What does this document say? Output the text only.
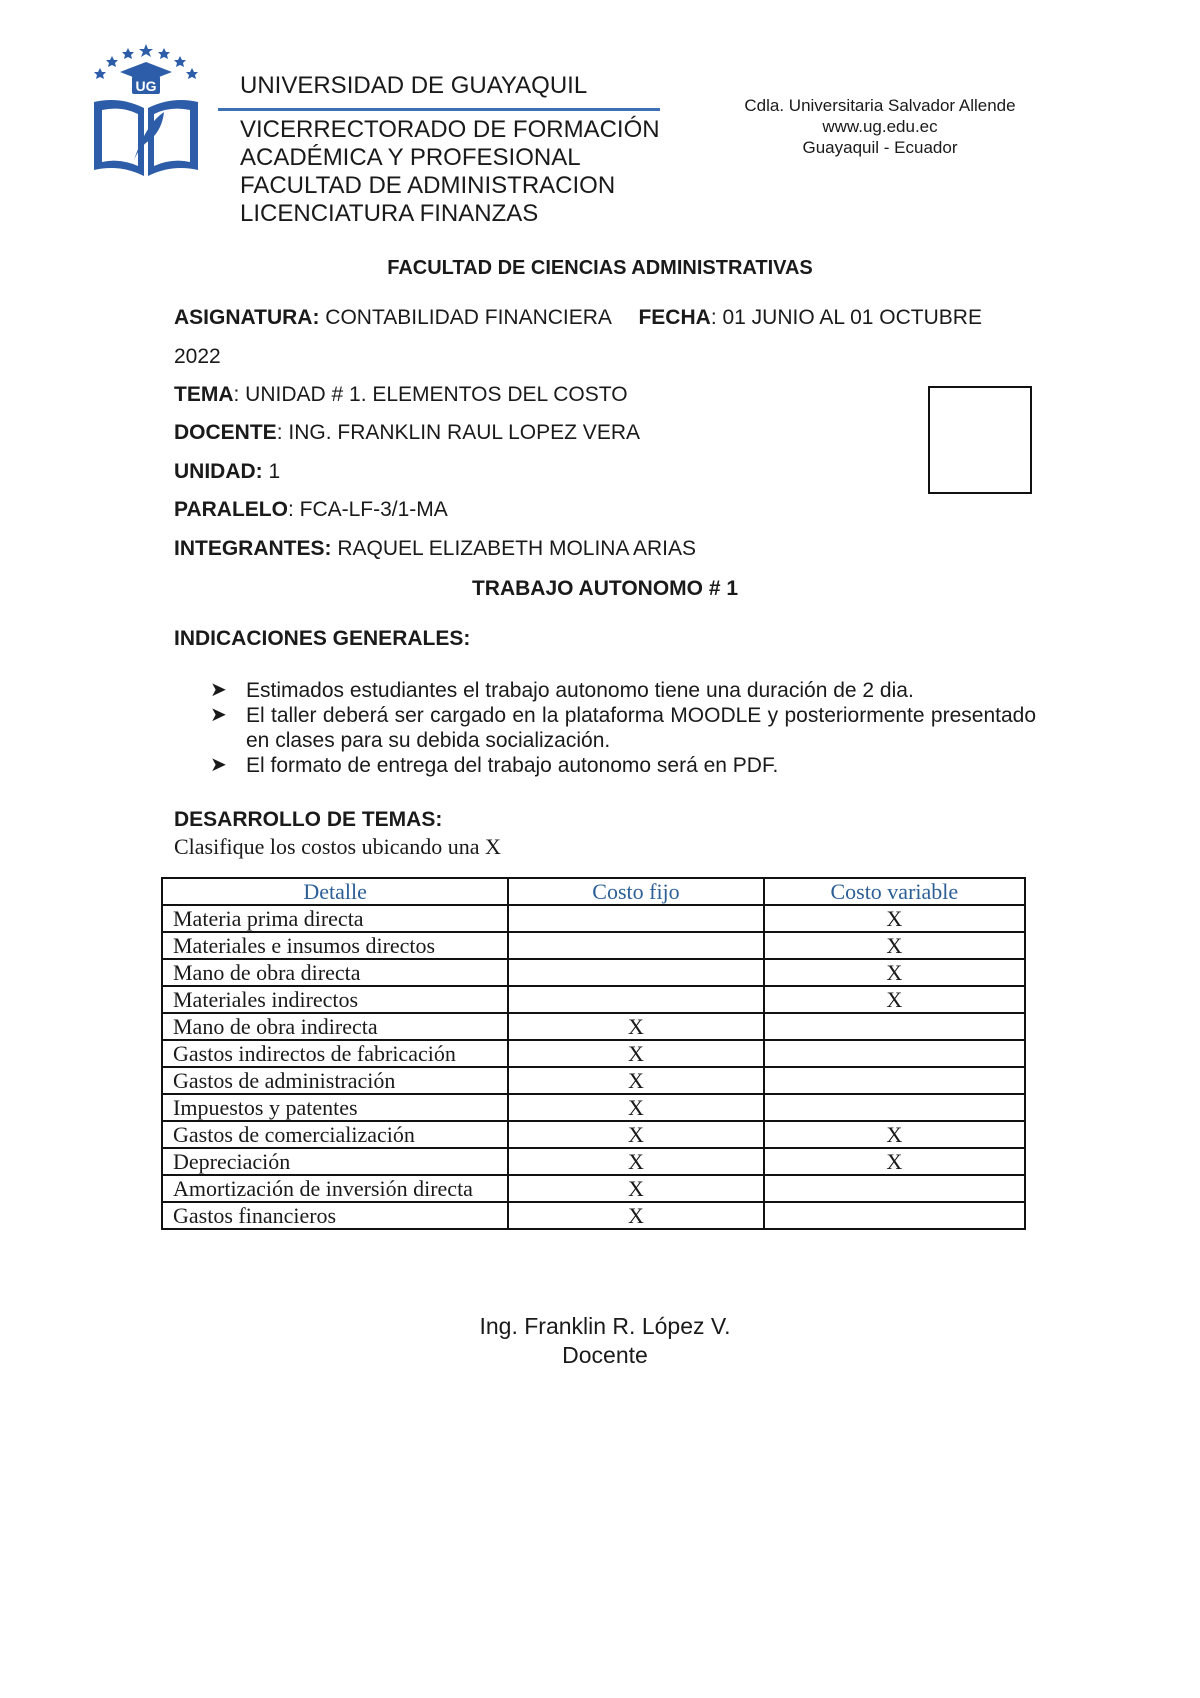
UG	UNIVERSIDAD DE GUAYAQUIL
VICERRECTORADO DE FORMACIÓN
ACADÉMICA Y PROFESIONAL
FACULTAD DE ADMINISTRACION
LICENCIATURA FINANZAS
Cdla. Universitaria Salvador Allende
www.ug.edu.ec
Guayaquil - Ecuador
FACULTAD DE CIENCIAS ADMINISTRATIVAS
ASIGNATURA: CONTABILIDAD FINANCIERA FECHA: 01 JUNIO AL 01 OCTUBRE
2022
TEMA: UNIDAD # 1. ELEMENTOS DEL COSTO
DOCENTE: ING. FRANKLIN RAUL LOPEZ VERA
UNIDAD: 1
PARALELO: FCA-LF-3/1-MA
INTEGRANTES: RAQUEL ELIZABETH MOLINA ARIAS
TRABAJO AUTONOMO # 1
INDICACIONES GENERALES:
➤ Estimados estudiantes el trabajo autonomo tiene una duración de 2 dia.
➤ El taller deberá ser cargado en la plataforma MOODLE y posteriormente presentado en clases para su debida socialización.
➤ El formato de entrega del trabajo autonomo será en PDF.
DESARROLLO DE TEMAS:
Clasifique los costos ubicando una X
Detalle	Costo fijo	Costo variable
Materia prima directa		X
Materiales e insumos directos		X
Mano de obra directa		X
Materiales indirectos		X
Mano de obra indirecta	X	
Gastos indirectos de fabricación	X	
Gastos de administración	X	
Impuestos y patentes	X	
Gastos de comercialización	X	X
Depreciación	X	X
Amortización de inversión directa	X	
Gastos financieros	X	
Ing. Franklin R. López V.
Docente
